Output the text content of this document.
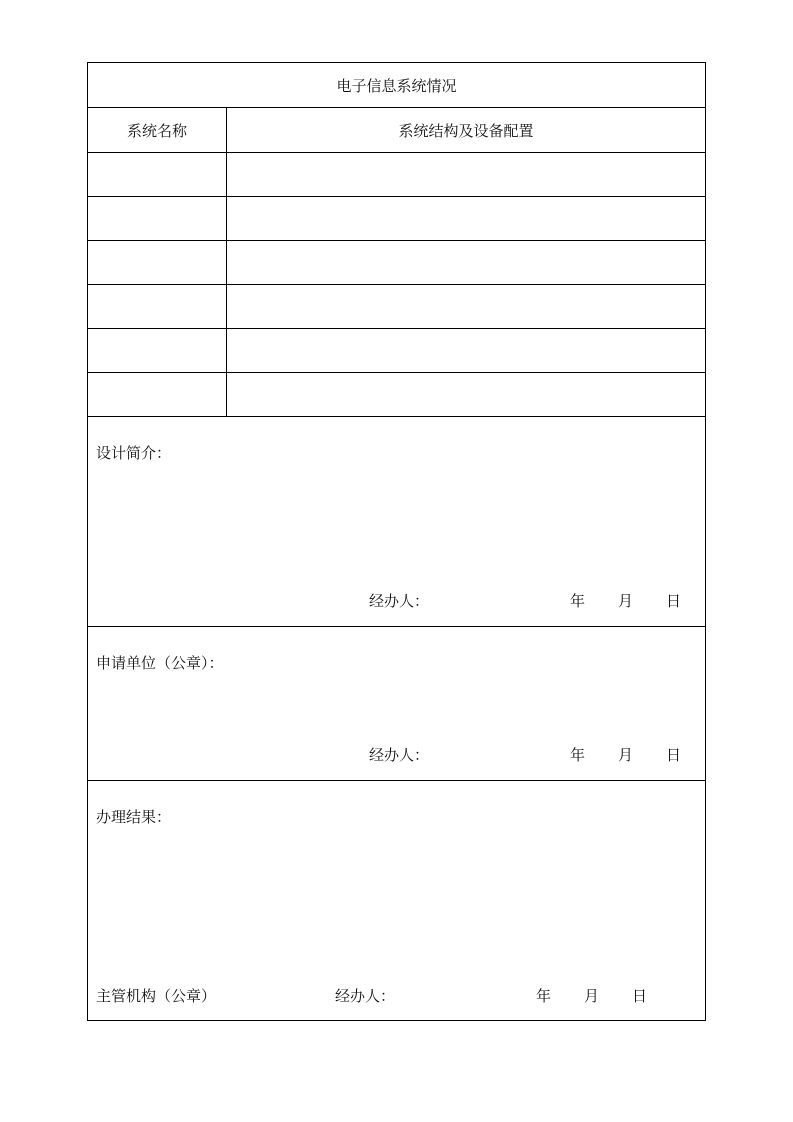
电子信息系统情况
系统名称	系统结构及设备配置
设计简介：
经办人：	年 月 日
申请单位（公章）：
经办人：	年 月 日
办理结果：
主管机构（公章）	经办人：	年 月 日
